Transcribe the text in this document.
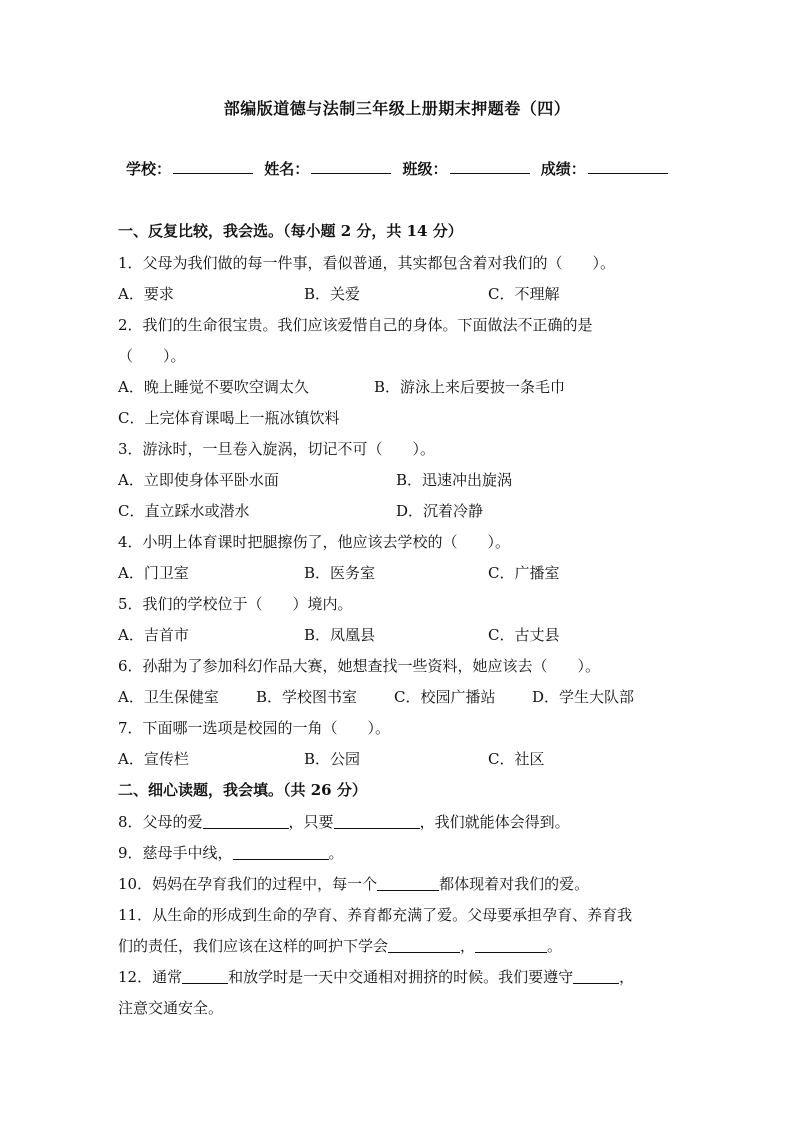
部编版道德与法制三年级上册期末押题卷（四）
学校：	姓名：	班级：	成绩：
一、反复比较，我会选。（每小题 2 分，共 14 分）
1．父母为我们做的每一件事，看似普通，其实都包含着对我们的（　　）。
A．要求	B．关爱	C．不理解
2．我们的生命很宝贵。我们应该爱惜自己的身体。下面做法不正确的是
（　　）。
A．晚上睡觉不要吹空调太久	B．游泳上来后要披一条毛巾
C．上完体育课喝上一瓶冰镇饮料
3．游泳时，一旦卷入旋涡，切记不可（　　）。
A．立即使身体平卧水面	B．迅速冲出旋涡
C．直立踩水或潜水	D．沉着冷静
4．小明上体育课时把腿擦伤了，他应该去学校的（　　）。
A．门卫室	B．医务室	C．广播室
5．我们的学校位于（　　）境内。
A．吉首市	B．凤凰县	C．古丈县
6．孙甜为了参加科幻作品大赛，她想查找一些资料，她应该去（　　）。
A．卫生保健室 B．学校图书室 C．校园广播站 D．学生大队部
7．下面哪一选项是校园的一角（　　）。
A．宣传栏	B．公园	C．社区
二、细心读题，我会填。（共 26 分）
8．父母的爱	，只要	，我们就能体会得到。
9．慈母手中线，	。
10．妈妈在孕育我们的过程中，每一个	都体现着对我们的爱。
11．从生命的形成到生命的孕育、养育都充满了爱。父母要承担孕育、养育我
们的责任，我们应该在这样的呵护下学会	，	。
12．通常	和放学时是一天中交通相对拥挤的时候。我们要遵守	，
注意交通安全。
